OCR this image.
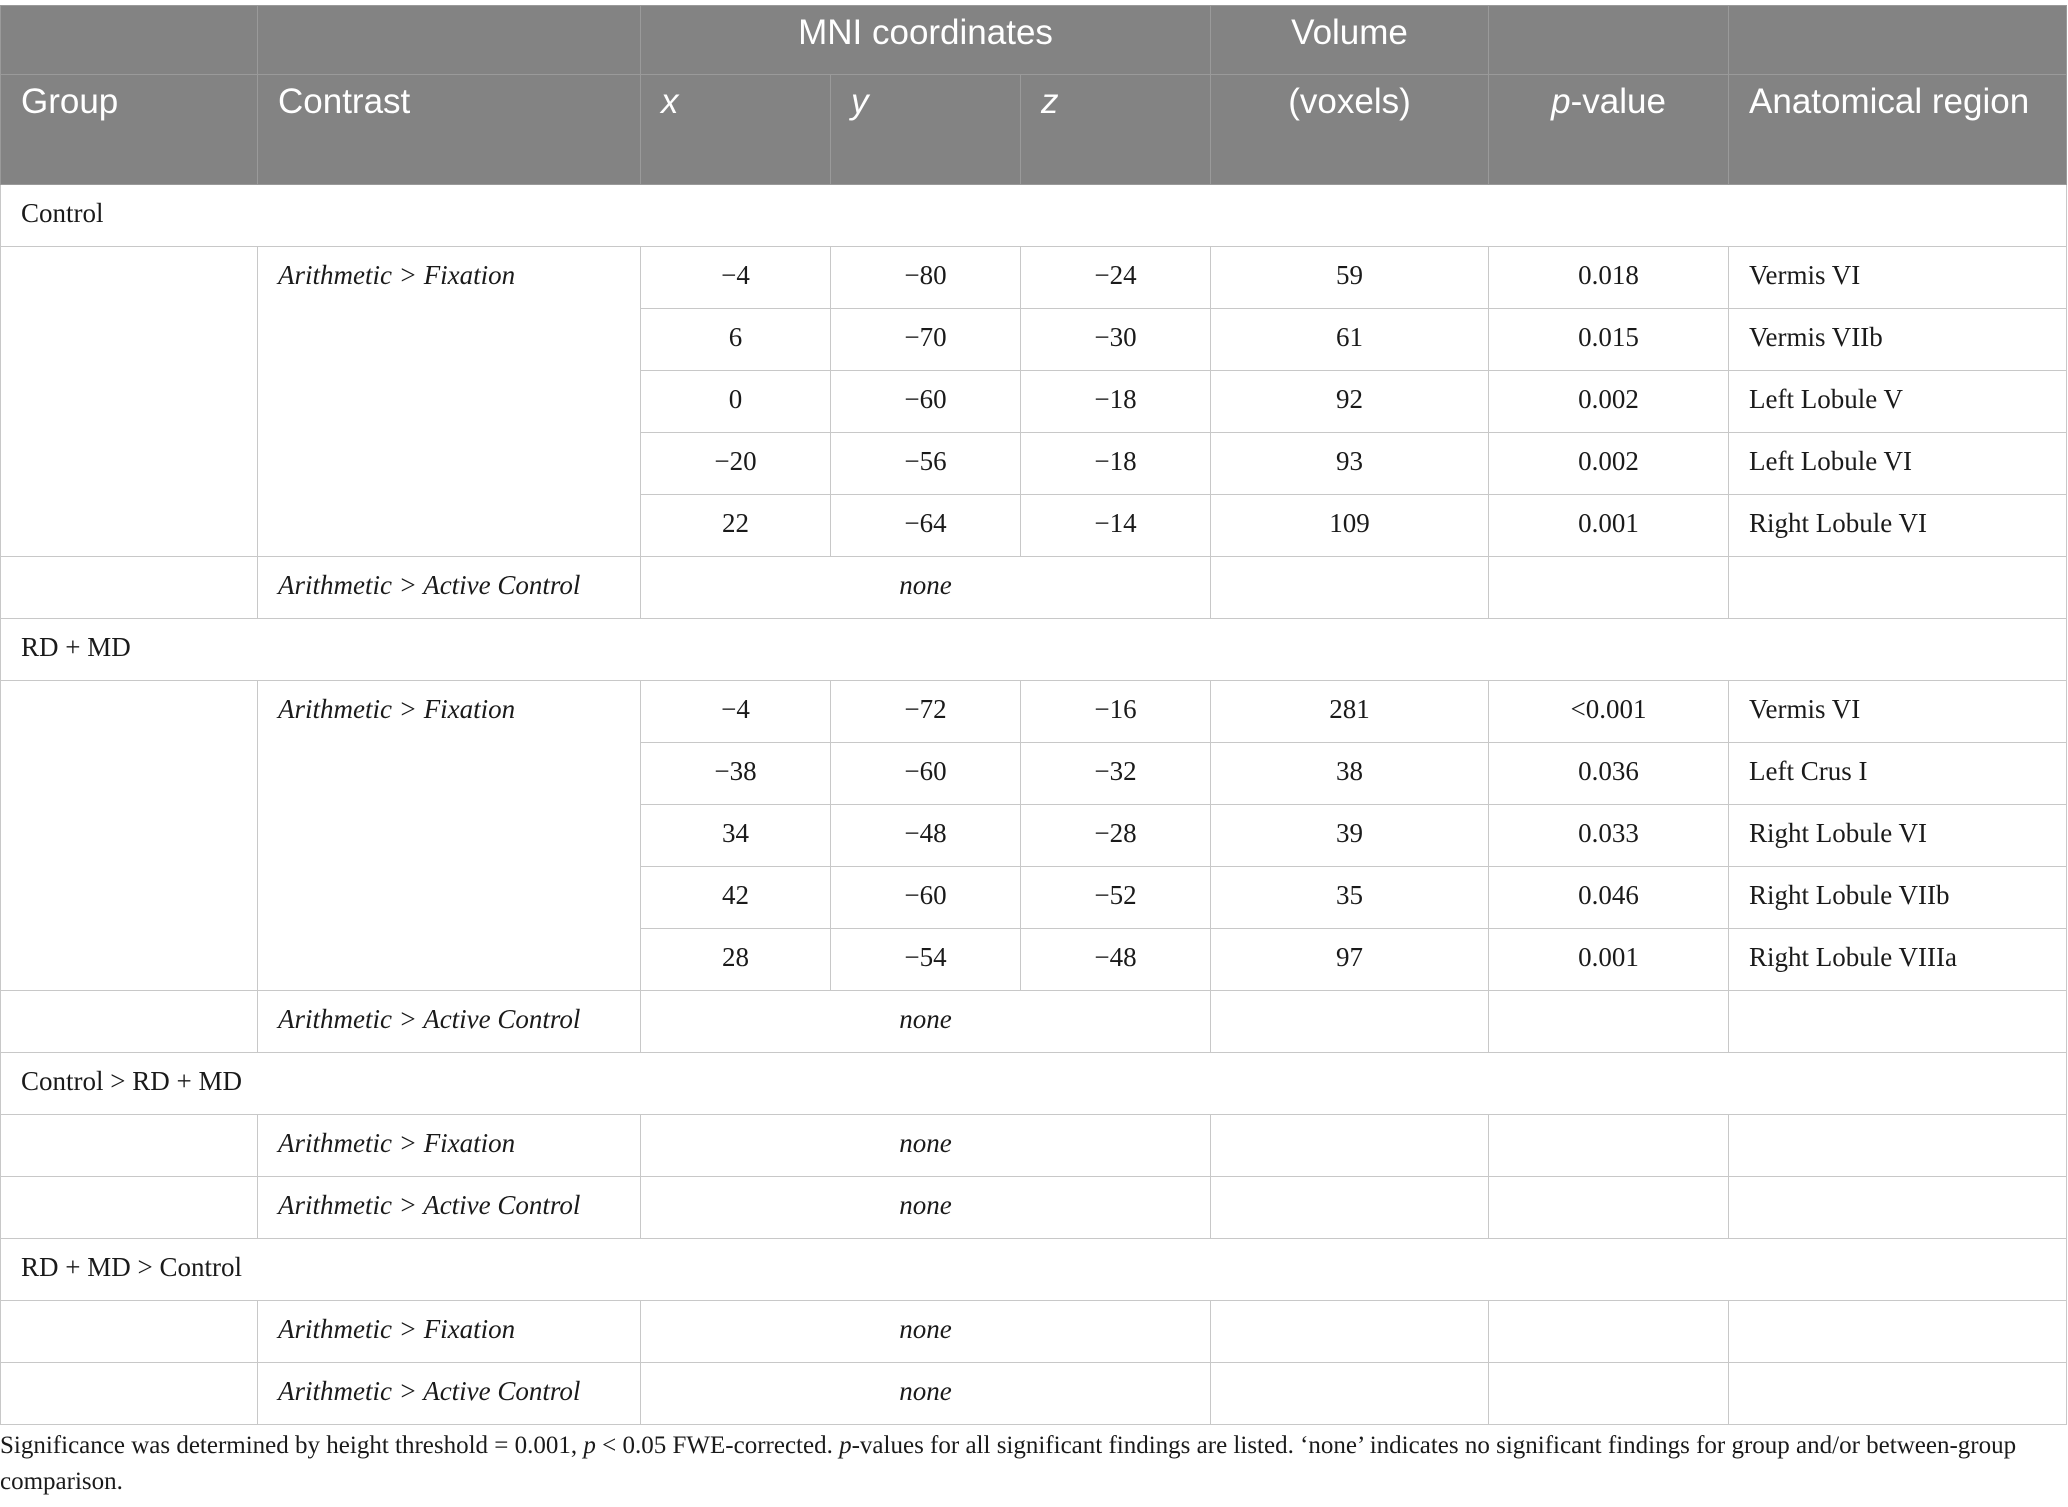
		MNI coordinates			Volume		
Group	Contrast	x	y	z	(voxels)	p-value	Anatomical region
Control							
	Arithmetic > Fixation	−4	−80	−24	59	0.018	Vermis VI
		6	−70	−30	61	0.015	Vermis VIIb
		0	−60	−18	92	0.002	Left Lobule V
		−20	−56	−18	93	0.002	Left Lobule VI
		22	−64	−14	109	0.001	Right Lobule VI
	Arithmetic > Active Control	none					
RD + MD							
	Arithmetic > Fixation	−4	−72	−16	281	<0.001	Vermis VI
		−38	−60	−32	38	0.036	Left Crus I
		34	−48	−28	39	0.033	Right Lobule VI
		42	−60	−52	35	0.046	Right Lobule VIIb
		28	−54	−48	97	0.001	Right Lobule VIIIa
	Arithmetic > Active Control	none					
Control > RD + MD							
	Arithmetic > Fixation	none					
	Arithmetic > Active Control	none					
RD + MD > Control							
	Arithmetic > Fixation	none					
	Arithmetic > Active Control	none					
Significance was determined by height threshold = 0.001, p < 0.05 FWE-corrected. p-values for all significant findings are listed. ‘none’ indicates no significant findings for group and/or between-group comparison.
